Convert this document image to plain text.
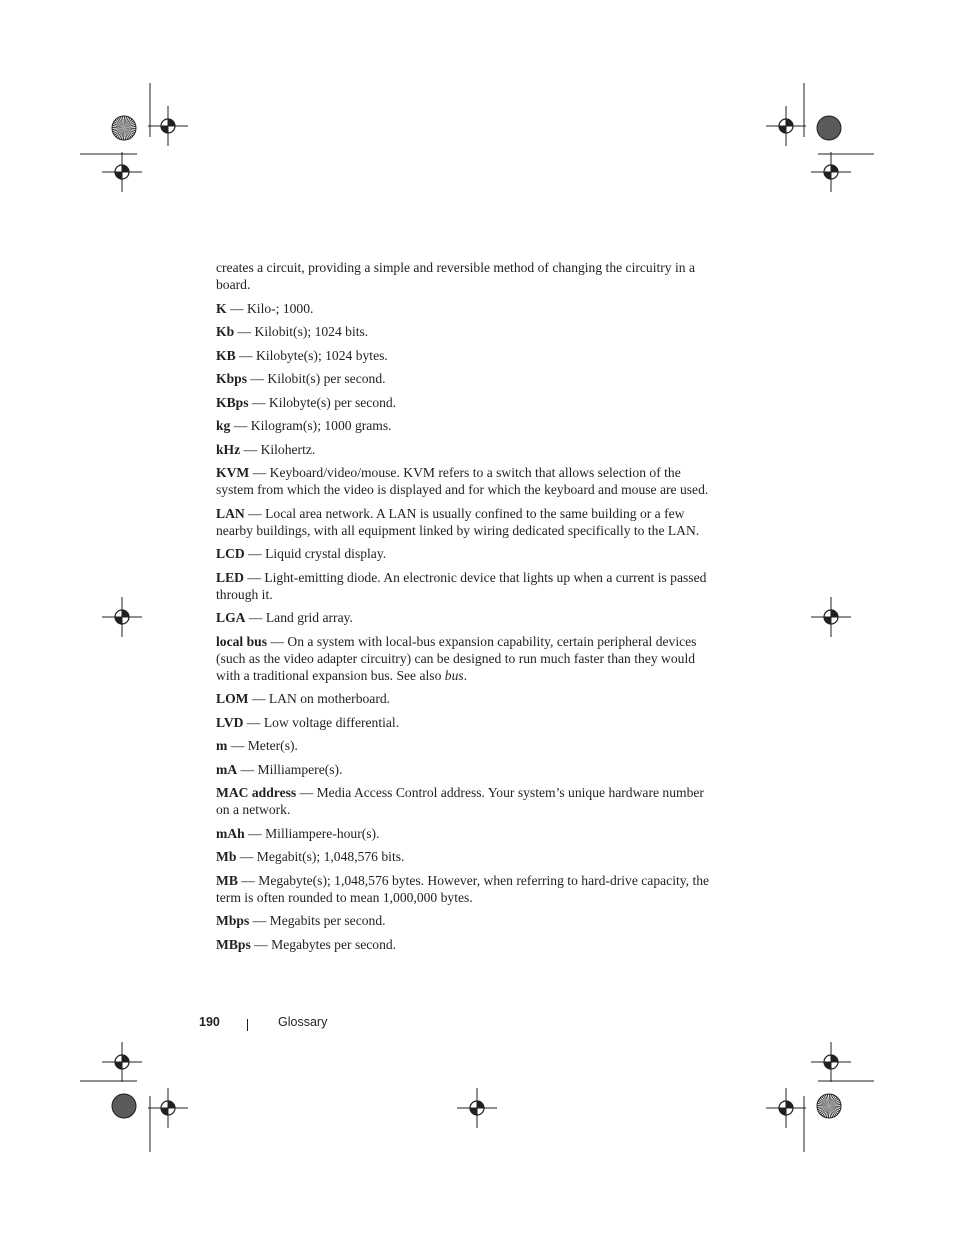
creates a circuit, providing a simple and reversible method of changing the circuitry in a board.

K — Kilo-; 1000.

Kb — Kilobit(s); 1024 bits.

KB — Kilobyte(s); 1024 bytes.

Kbps — Kilobit(s) per second.

KBps — Kilobyte(s) per second.

kg — Kilogram(s); 1000 grams.

kHz — Kilohertz.

KVM — Keyboard/video/mouse. KVM refers to a switch that allows selection of the system from which the video is displayed and for which the keyboard and mouse are used.

LAN — Local area network. A LAN is usually confined to the same building or a few nearby buildings, with all equipment linked by wiring dedicated specifically to the LAN.

LCD — Liquid crystal display.

LED — Light-emitting diode. An electronic device that lights up when a current is passed through it.

LGA — Land grid array.

local bus — On a system with local-bus expansion capability, certain peripheral devices (such as the video adapter circuitry) can be designed to run much faster than they would with a traditional expansion bus. See also bus.

LOM — LAN on motherboard.

LVD — Low voltage differential.

m — Meter(s).

mA — Milliampere(s).

MAC address — Media Access Control address. Your system’s unique hardware number on a network.

mAh — Milliampere-hour(s).

Mb — Megabit(s); 1,048,576 bits.

MB — Megabyte(s); 1,048,576 bytes. However, when referring to hard-drive capacity, the term is often rounded to mean 1,000,000 bytes.

Mbps — Megabits per second.

MBps — Megabytes per second.

190	Glossary
